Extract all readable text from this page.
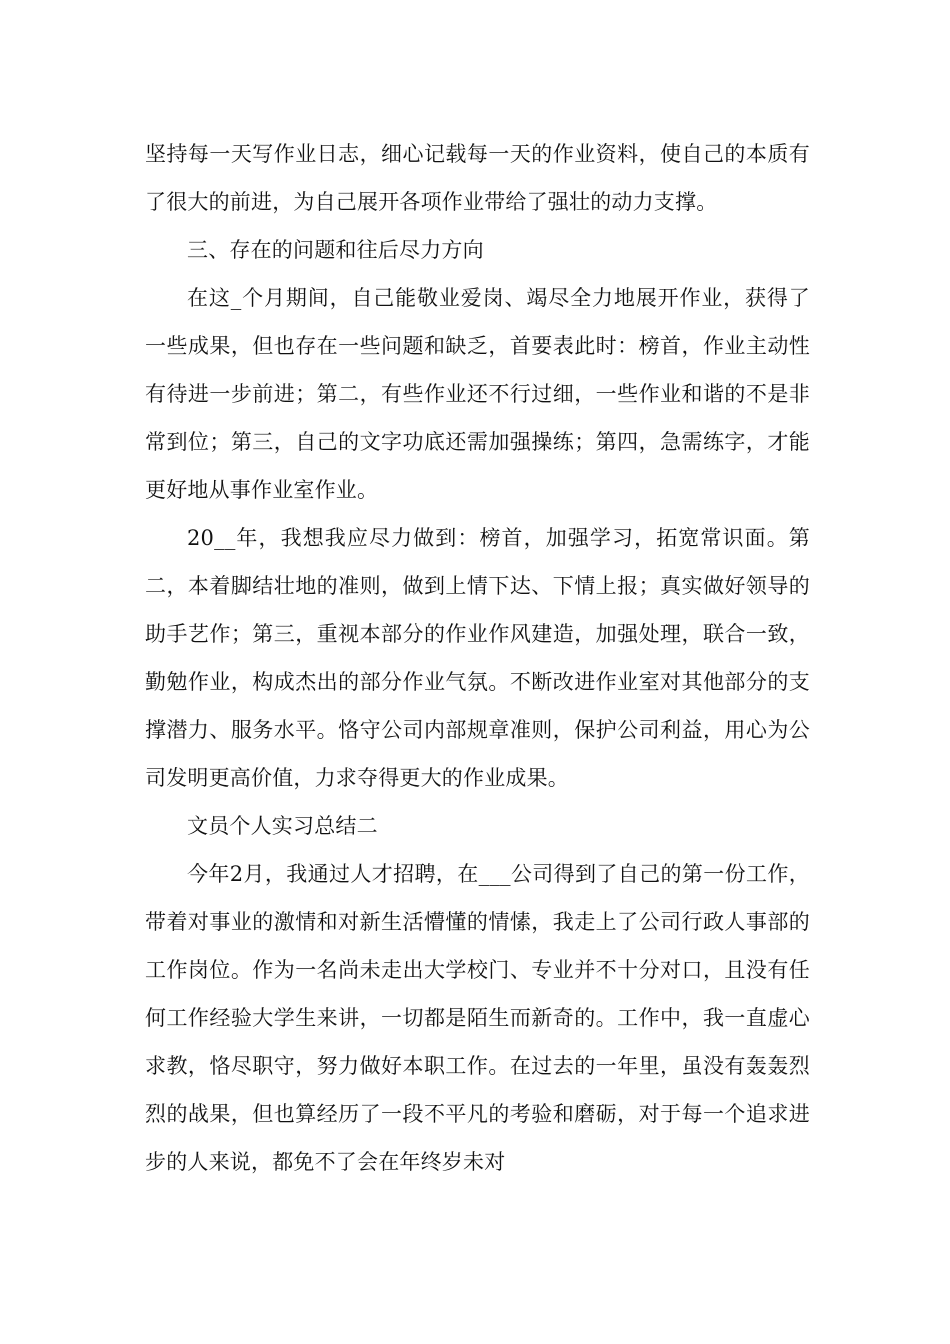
坚持每一天写作业日志，细心记载每一天的作业资料，使自己的本质有了很大的前进，为自己展开各项作业带给了强壮的动力支撑。

三、存在的问题和往后尽力方向

在这_个月期间，自己能敬业爱岗、竭尽全力地展开作业，获得了一些成果，但也存在一些问题和缺乏，首要表此时：榜首，作业主动性有待进一步前进；第二，有些作业还不行过细，一些作业和谐的不是非常到位；第三，自己的文字功底还需加强操练；第四，急需练字，才能更好地从事作业室作业。

20__年，我想我应尽力做到：榜首，加强学习，拓宽常识面。第二，本着脚结壮地的准则，做到上情下达、下情上报；真实做好领导的助手艺作；第三，重视本部分的作业作风建造，加强处理，联合一致，勤勉作业，构成杰出的部分作业气氛。不断改进作业室对其他部分的支撑潜力、服务水平。恪守公司内部规章准则，保护公司利益，用心为公司发明更高价值，力求夺得更大的作业成果。

文员个人实习总结二

今年2月，我通过人才招聘，在___公司得到了自己的第一份工作，带着对事业的激情和对新生活懵懂的情愫，我走上了公司行政人事部的工作岗位。作为一名尚未走出大学校门、专业并不十分对口，且没有任何工作经验大学生来讲，一切都是陌生而新奇的。工作中，我一直虚心求教，恪尽职守，努力做好本职工作。在过去的一年里，虽没有轰轰烈烈的战果，但也算经历了一段不平凡的考验和磨砺，对于每一个追求进步的人来说，都免不了会在年终岁未对
